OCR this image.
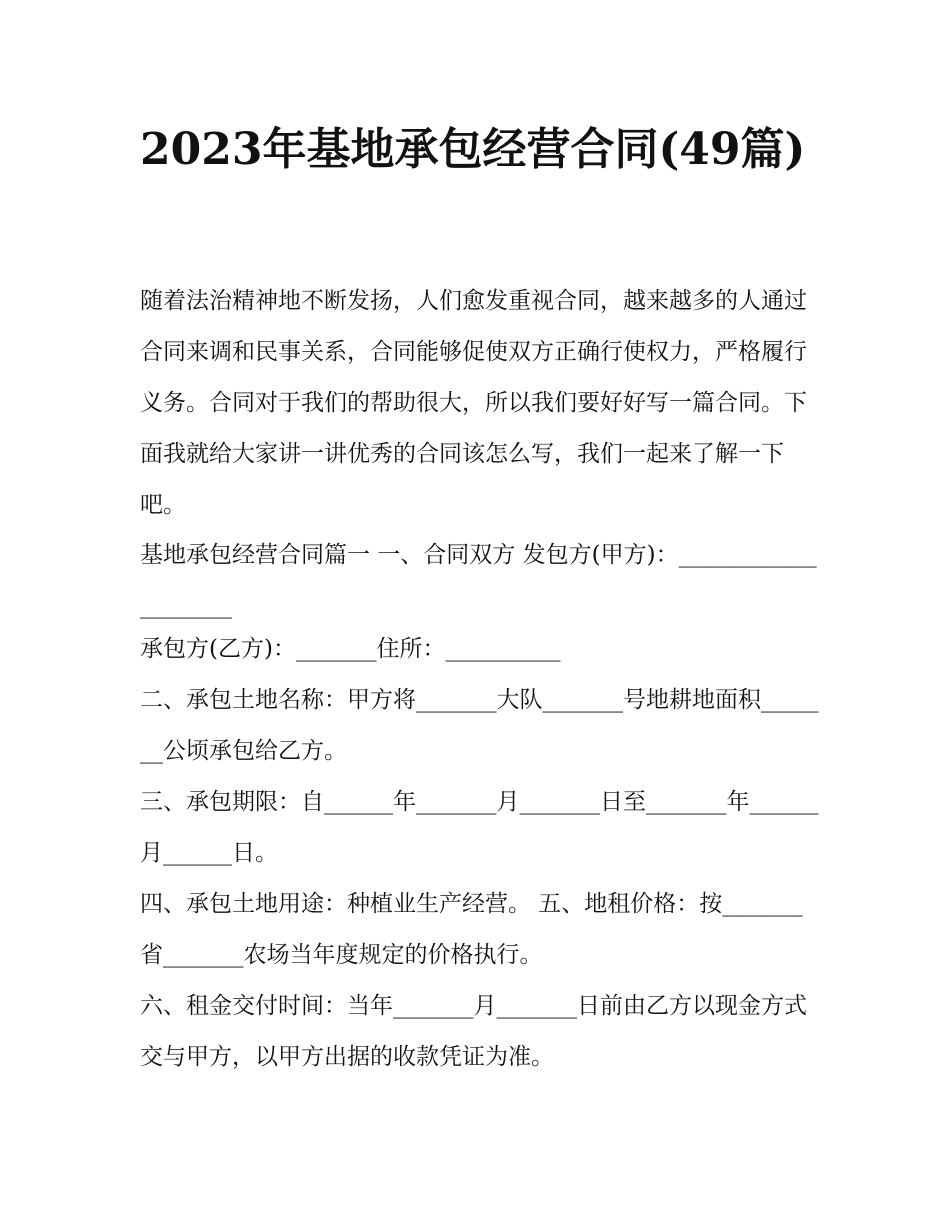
2023年基地承包经营合同(49篇)

随着法治精神地不断发扬，人们愈发重视合同，越来越多的人通过合同来调和民事关系，合同能够促使双方正确行使权力，严格履行义务。合同对于我们的帮助很大，所以我们要好好写一篇合同。下面我就给大家讲一讲优秀的合同该怎么写，我们一起来了解一下吧。

基地承包经营合同篇一 一、合同双方 发包方(甲方)：____________________

承包方(乙方)：_______住所：__________

二、承包土地名称：甲方将_______大队_______号地耕地面积_______公顷承包给乙方。

三、承包期限：自______年_______月_______日至_______年______月______日。

四、承包土地用途：种植业生产经营。 五、地租价格：按_______省_______农场当年度规定的价格执行。

六、租金交付时间：当年_______月_______日前由乙方以现金方式交与甲方，以甲方出据的收款凭证为准。
